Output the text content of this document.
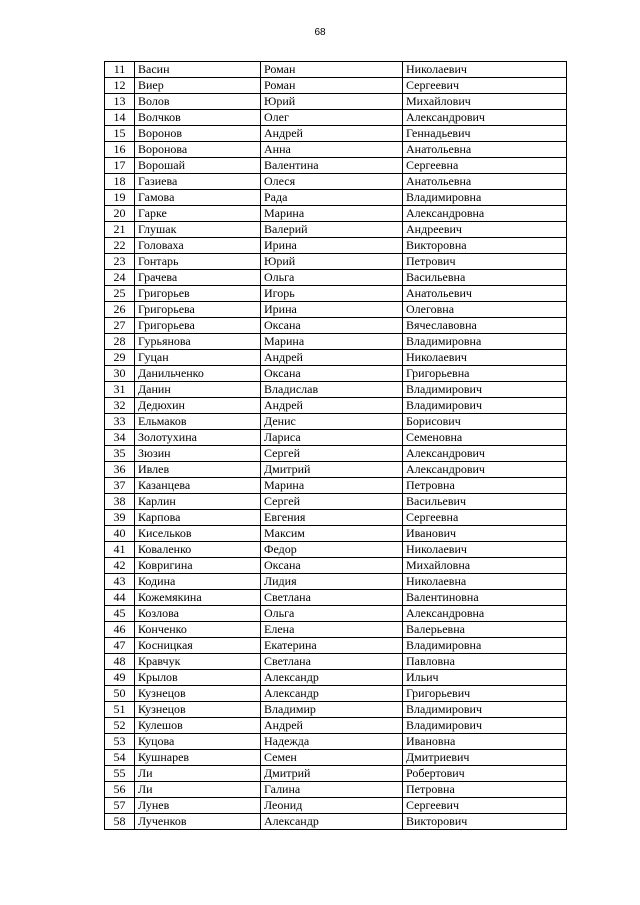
68
11	Васин	Роман	Николаевич
12	Виер	Роман	Сергеевич
13	Волов	Юрий	Михайлович
14	Волчков	Олег	Александрович
15	Воронов	Андрей	Геннадьевич
16	Воронова	Анна	Анатольевна
17	Ворошай	Валентина	Сергеевна
18	Газиева	Олеся	Анатольевна
19	Гамова	Рада	Владимировна
20	Гарке	Марина	Александровна
21	Глушак	Валерий	Андреевич
22	Головаха	Ирина	Викторовна
23	Гонтарь	Юрий	Петрович
24	Грачева	Ольга	Васильевна
25	Григорьев	Игорь	Анатольевич
26	Григорьева	Ирина	Олеговна
27	Григорьева	Оксана	Вячеславовна
28	Гурьянова	Марина	Владимировна
29	Гуцан	Андрей	Николаевич
30	Данильченко	Оксана	Григорьевна
31	Данин	Владислав	Владимирович
32	Дедюхин	Андрей	Владимирович
33	Ельмаков	Денис	Борисович
34	Золотухина	Лариса	Семеновна
35	Зюзин	Сергей	Александрович
36	Ивлев	Дмитрий	Александрович
37	Казанцева	Марина	Петровна
38	Карлин	Сергей	Васильевич
39	Карпова	Евгения	Сергеевна
40	Кисельков	Максим	Иванович
41	Коваленко	Федор	Николаевич
42	Ковригина	Оксана	Михайловна
43	Кодина	Лидия	Николаевна
44	Кожемякина	Светлана	Валентиновна
45	Козлова	Ольга	Александровна
46	Конченко	Елена	Валерьевна
47	Косницкая	Екатерина	Владимировна
48	Кравчук	Светлана	Павловна
49	Крылов	Александр	Ильич
50	Кузнецов	Александр	Григорьевич
51	Кузнецов	Владимир	Владимирович
52	Кулешов	Андрей	Владимирович
53	Куцова	Надежда	Ивановна
54	Кушнарев	Семен	Дмитриевич
55	Ли	Дмитрий	Робертович
56	Ли	Галина	Петровна
57	Лунев	Леонид	Сергеевич
58	Лученков	Александр	Викторович
